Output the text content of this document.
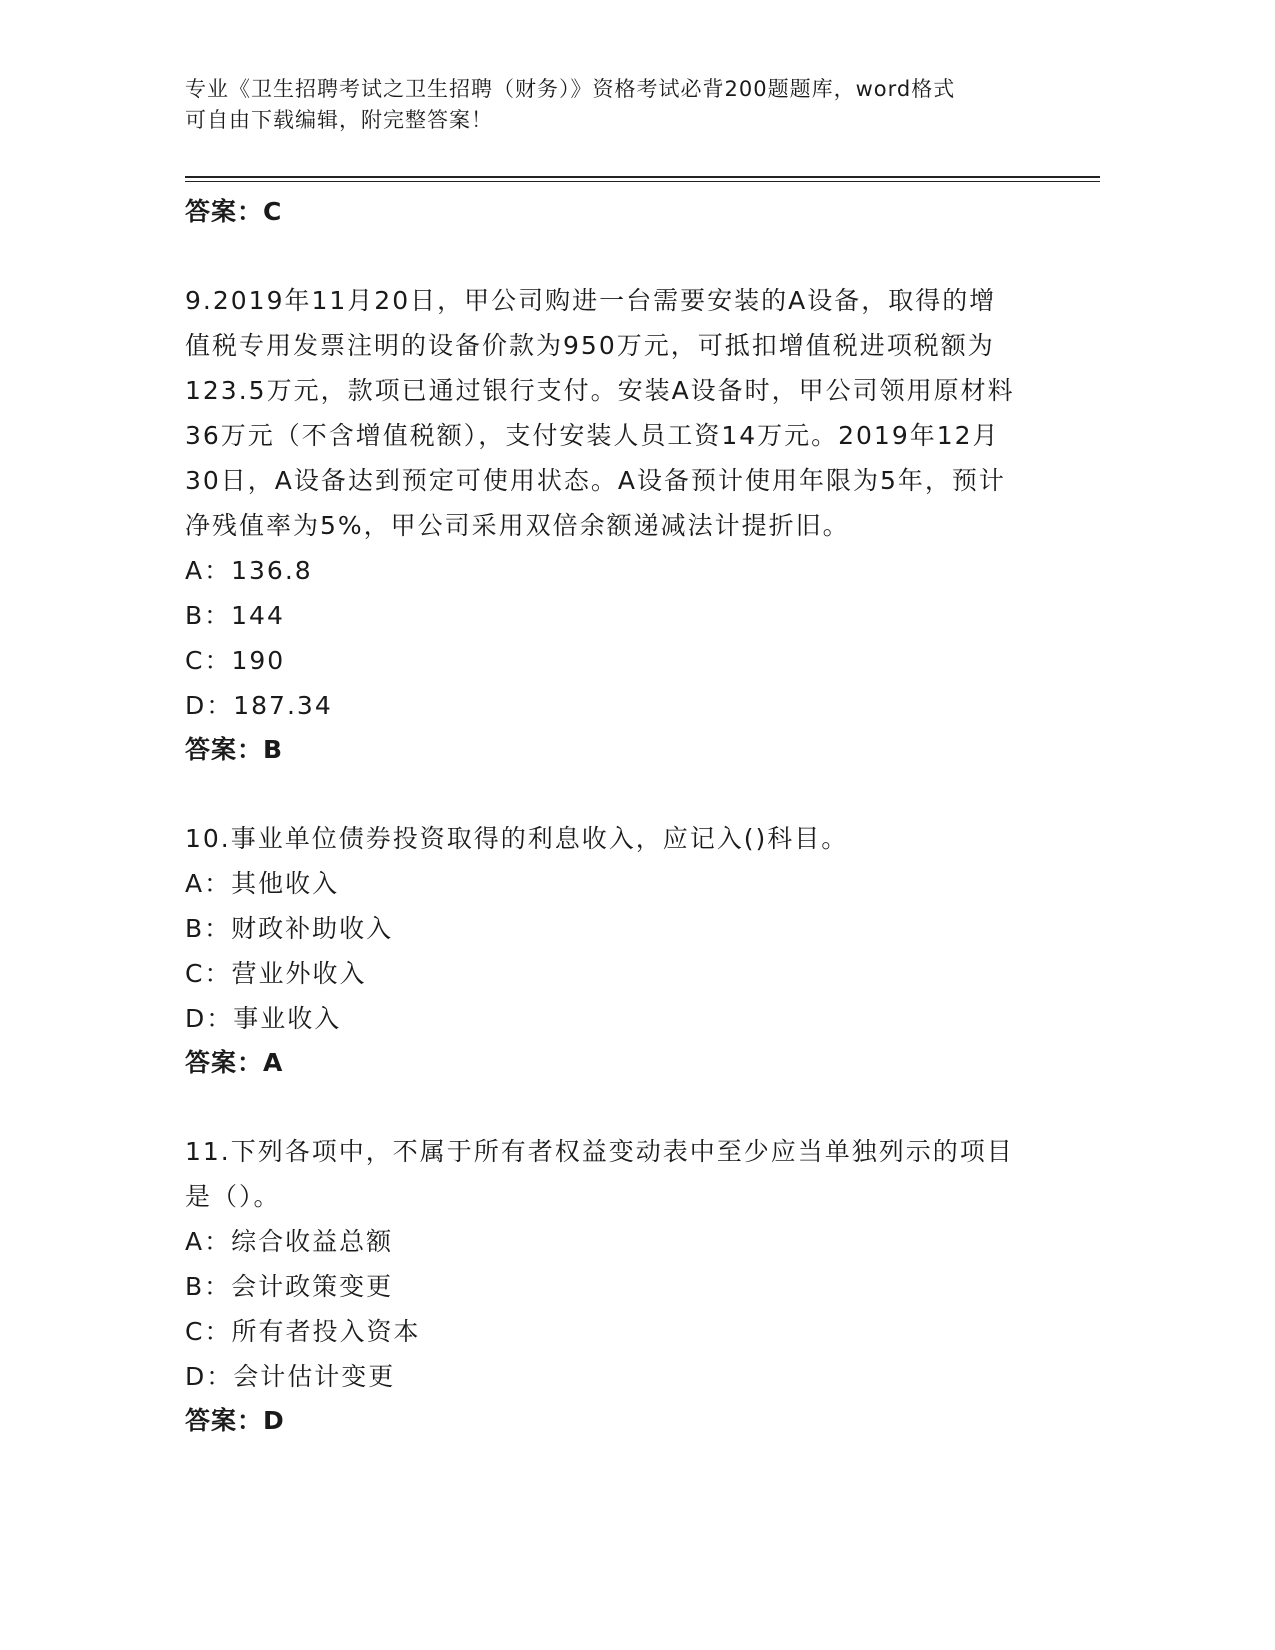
专业《卫生招聘考试之卫生招聘（财务）》资格考试必背200题题库，word格式
可自由下载编辑，附完整答案！
答案：C
9.2019年11月20日，甲公司购进一台需要安装的A设备，取得的增
值税专用发票注明的设备价款为950万元，可抵扣增值税进项税额为
123.5万元，款项已通过银行支付。安装A设备时，甲公司领用原材料
36万元（不含增值税额），支付安装人员工资14万元。2019年12月
30日，A设备达到预定可使用状态。A设备预计使用年限为5年，预计
净残值率为5%，甲公司采用双倍余额递减法计提折旧。
A：136.8
B：144
C：190
D：187.34
答案：B
10.事业单位债券投资取得的利息收入，应记入()科目。
A：其他收入
B：财政补助收入
C：营业外收入
D：事业收入
答案：A
11.下列各项中，不属于所有者权益变动表中至少应当单独列示的项目
是（）。
A：综合收益总额
B：会计政策变更
C：所有者投入资本
D：会计估计变更
答案：D
